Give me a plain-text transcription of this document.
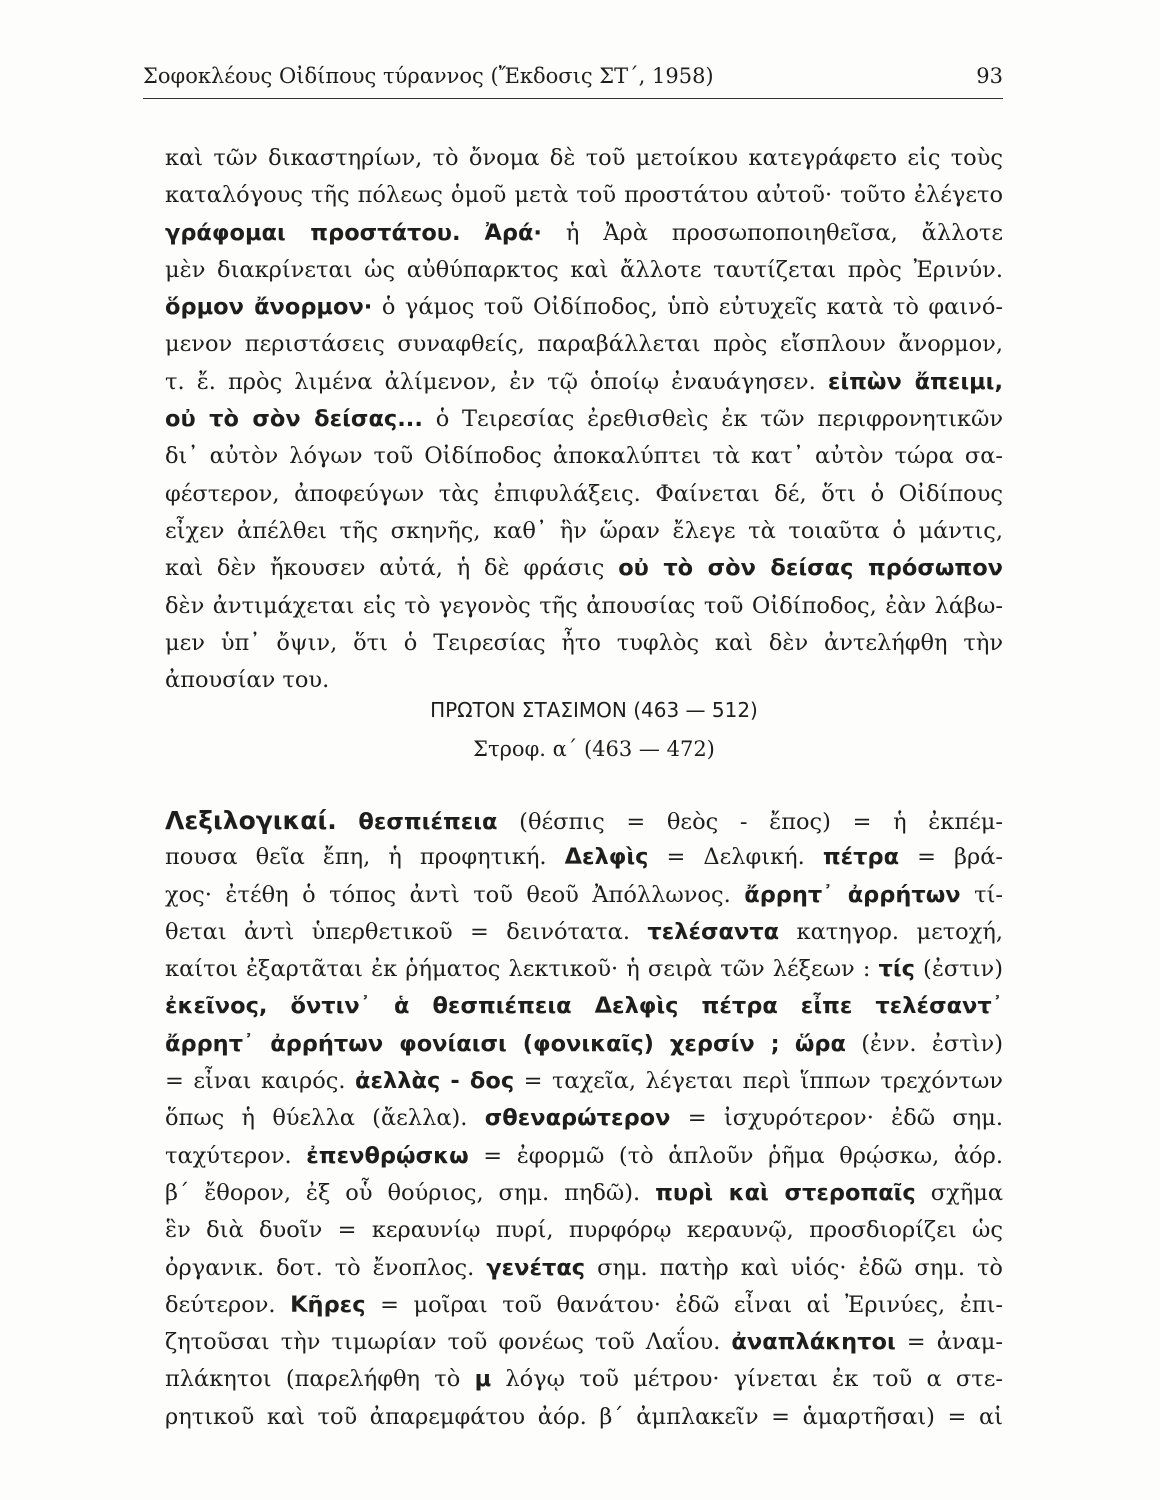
Σοφοκλέους Οἰδίπους τύραννος (Ἔκδοσις ΣΤ΄, 1958)	93
καὶ τῶν δικαστηρίων, τὸ ὄνομα δὲ τοῦ μετοίκου κατεγράφετο εἰς τοὺς
καταλόγους τῆς πόλεως ὁμοῦ μετὰ τοῦ προστάτου αὐτοῦ· τοῦτο ἐλέγετο
γράφομαι προστάτου. Ἀρά· ἡ Ἀρὰ προσωποποιηθεῖσα, ἄλλοτε
μὲν διακρίνεται ὡς αὐθύπαρκτος καὶ ἄλλοτε ταυτίζεται πρὸς Ἐρινύν.
ὅρμον ἄνορμον· ὁ γάμος τοῦ Οἰδίποδος, ὑπὸ εὐτυχεῖς κατὰ τὸ φαινό-
μενον περιστάσεις συναφθείς, παραβάλλεται πρὸς εἴσπλουν ἄνορμον,
τ. ἔ. πρὸς λιμένα ἀλίμενον, ἐν τῷ ὁποίῳ ἐναυάγησεν. εἰπὼν ἄπειμι,
οὐ τὸ σὸν δείσας... ὁ Τειρεσίας ἐρεθισθεὶς ἐκ τῶν περιφρονητικῶν
δι᾽ αὐτὸν λόγων τοῦ Οἰδίποδος ἀποκαλύπτει τὰ κατ᾽ αὐτὸν τώρα σα-
φέστερον, ἀποφεύγων τὰς ἐπιφυλάξεις. Φαίνεται δέ, ὅτι ὁ Οἰδίπους
εἶχεν ἀπέλθει τῆς σκηνῆς, καθ᾽ ἣν ὥραν ἔλεγε τὰ τοιαῦτα ὁ μάντις,
καὶ δὲν ἤκουσεν αὐτά, ἡ δὲ φράσις οὐ τὸ σὸν δείσας πρόσωπον
δὲν ἀντιμάχεται εἰς τὸ γεγονὸς τῆς ἀπουσίας τοῦ Οἰδίποδος, ἐὰν λάβω-
μεν ὑπ᾽ ὄψιν, ὅτι ὁ Τειρεσίας ἦτο τυφλὸς καὶ δὲν ἀντελήφθη τὴν
ἀπουσίαν του.
ΠΡΩΤΟΝ ΣΤΑΣΙΜΟΝ (463 — 512)
Στροφ. α΄ (463 — 472)
Λεξιλογικαί. θεσπιέπεια (θέσπις = θεὸς - ἔπος) = ἡ ἐκπέμ-
πουσα θεῖα ἔπη, ἡ προφητική. Δελφὶς = Δελφική. πέτρα = βρά-
χος· ἐτέθη ὁ τόπος ἀντὶ τοῦ θεοῦ Ἀπόλλωνος. ἄρρητ᾽ ἀρρήτων τί-
θεται ἀντὶ ὑπερθετικοῦ = δεινότατα. τελέσαντα κατηγορ. μετοχή,
καίτοι ἐξαρτᾶται ἐκ ῥήματος λεκτικοῦ· ἡ σειρὰ τῶν λέξεων : τίς (ἐστιν)
ἐκεῖνος, ὅντιν᾽ ἁ θεσπιέπεια Δελφὶς πέτρα εἶπε τελέσαντ᾽
ἄρρητ᾽ ἀρρήτων φονίαισι (φονικαῖς) χερσίν ; ὥρα (ἐνν. ἐστὶν)
= εἶναι καιρός. ἀελλὰς - δος = ταχεῖα, λέγεται περὶ ἵππων τρεχόντων
ὅπως ἡ θύελλα (ἄελλα). σθεναρώτερον = ἰσχυρότερον· ἐδῶ σημ.
ταχύτερον. ἐπενθρῴσκω = ἐφορμῶ (τὸ ἁπλοῦν ῥῆμα θρῴσκω, ἀόρ.
β΄ ἔθορον, ἐξ οὗ θούριος, σημ. πηδῶ). πυρὶ καὶ στεροπαῖς σχῆμα
ἓν διὰ δυοῖν = κεραυνίῳ πυρί, πυρφόρῳ κεραυνῷ, προσδιορίζει ὡς
ὀργανικ. δοτ. τὸ ἔνοπλος. γενέτας σημ. πατὴρ καὶ υἱός· ἐδῶ σημ. τὸ
δεύτερον. Κῆρες = μοῖραι τοῦ θανάτου· ἐδῶ εἶναι αἱ Ἐρινύες, ἐπι-
ζητοῦσαι τὴν τιμωρίαν τοῦ φονέως τοῦ Λαΐου. ἀναπλάκητοι = ἀναμ-
πλάκητοι (παρελήφθη τὸ μ λόγῳ τοῦ μέτρου· γίνεται ἐκ τοῦ α στε-
ρητικοῦ καὶ τοῦ ἀπαρεμφάτου ἀόρ. β΄ ἀμπλακεῖν = ἁμαρτῆσαι) = αἱ
